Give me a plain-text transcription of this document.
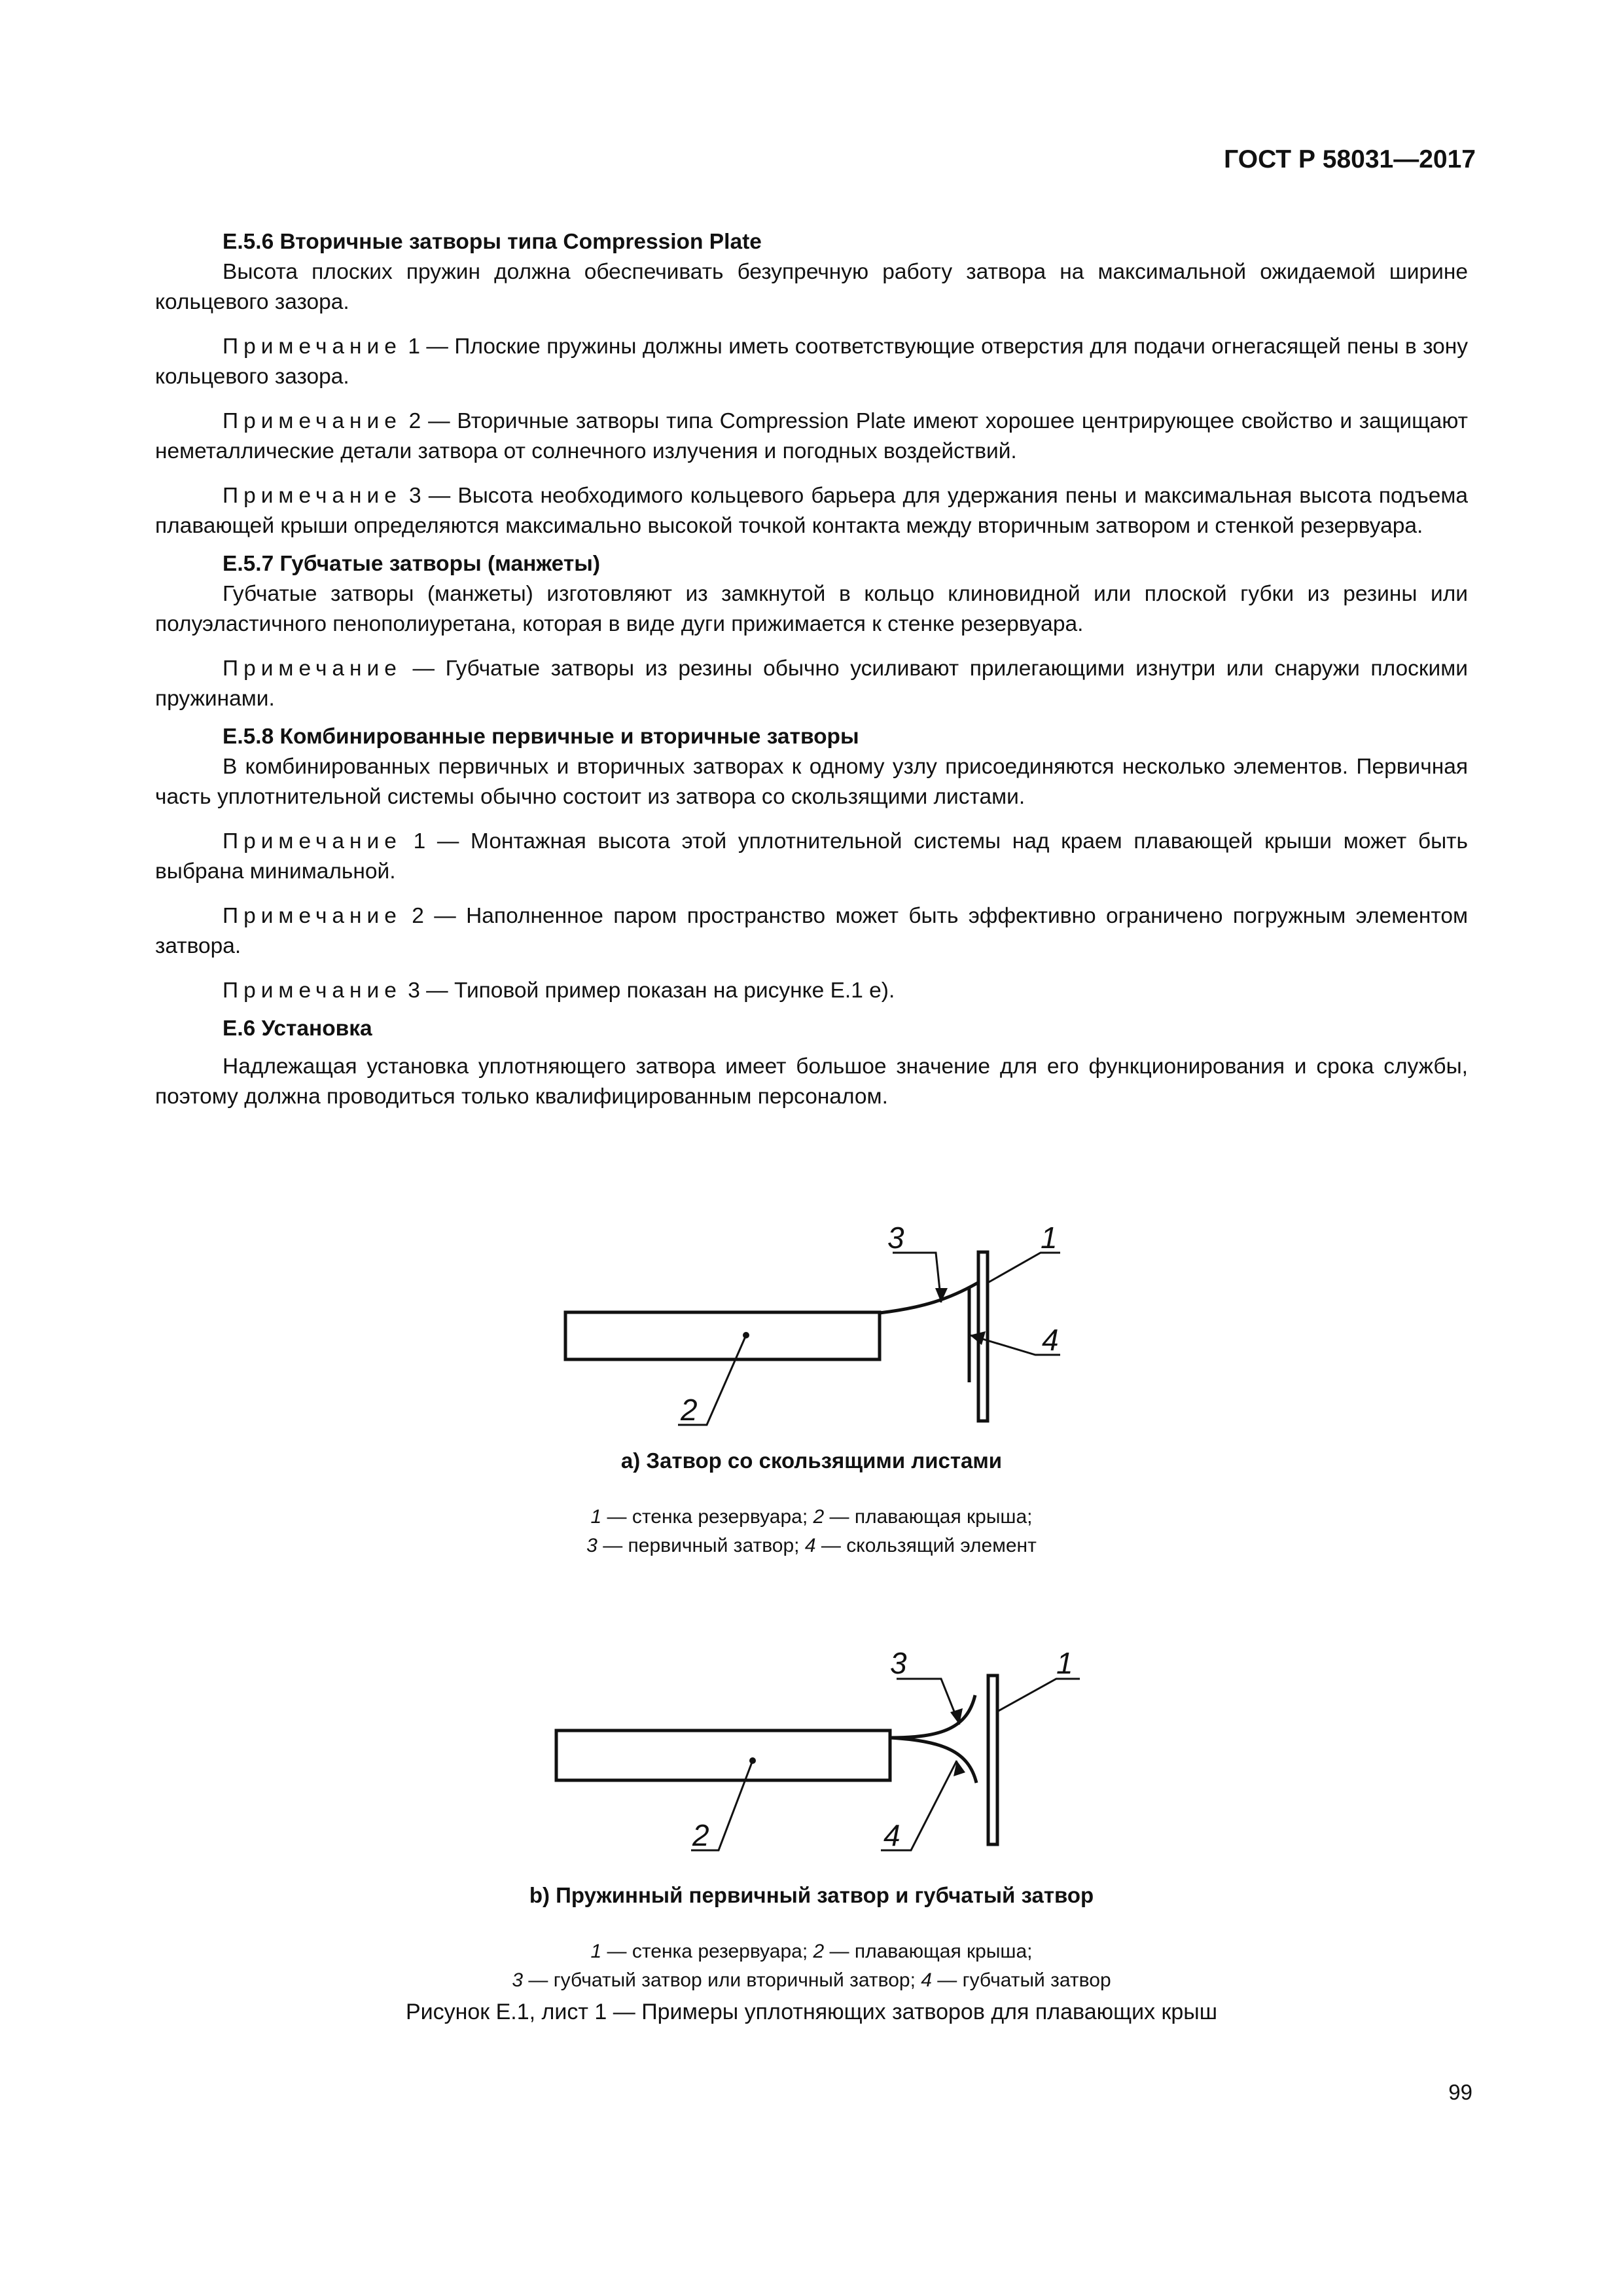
ГОСТ Р 58031—2017

Е.5.6 Вторичные затворы типа Compression Plate

Высота плоских пружин должна обеспечивать безупречную работу затвора на максимальной ожидаемой ширине кольцевого зазора.

Примечание 1 — Плоские пружины должны иметь соответствующие отверстия для подачи огнегасящей пены в зону кольцевого зазора.

Примечание 2 — Вторичные затворы типа Compression Plate имеют хорошее центрирующее свойство и защищают неметаллические детали затвора от солнечного излучения и погодных воздействий.

Примечание 3 — Высота необходимого кольцевого барьера для удержания пены и максимальная высота подъема плавающей крыши определяются максимально высокой точкой контакта между вторичным затвором и стенкой резервуара.

Е.5.7 Губчатые затворы (манжеты)

Губчатые затворы (манжеты) изготовляют из замкнутой в кольцо клиновидной или плоской губки из резины или полуэластичного пенополиуретана, которая в виде дуги прижимается к стенке резервуара.

Примечание — Губчатые затворы из резины обычно усиливают прилегающими изнутри или снаружи плоскими пружинами.

Е.5.8 Комбинированные первичные и вторичные затворы

В комбинированных первичных и вторичных затворах к одному узлу присоединяются несколько элементов. Первичная часть уплотнительной системы обычно состоит из затвора со скользящими листами.

Примечание 1 — Монтажная высота этой уплотнительной системы над краем плавающей крыши может быть выбрана минимальной.

Примечание 2 — Наполненное паром пространство может быть эффективно ограничено погружным элементом затвора.

Примечание 3 — Типовой пример показан на рисунке Е.1 е).

Е.6 Установка

Надлежащая установка уплотняющего затвора имеет большое значение для его функционирования и срока службы, поэтому должна проводиться только квалифицированным персоналом.

3	1
4
2
3	1
2	4
а) Затвор со скользящими листами
1 — стенка резервуара; 2 — плавающая крыша;
3 — первичный затвор; 4 — скользящий элемент
b) Пружинный первичный затвор и губчатый затвор
1 — стенка резервуара; 2 — плавающая крыша;
3 — губчатый затвор или вторичный затвор; 4 — губчатый затвор
Рисунок Е.1, лист 1 — Примеры уплотняющих затворов для плавающих крыш
99
